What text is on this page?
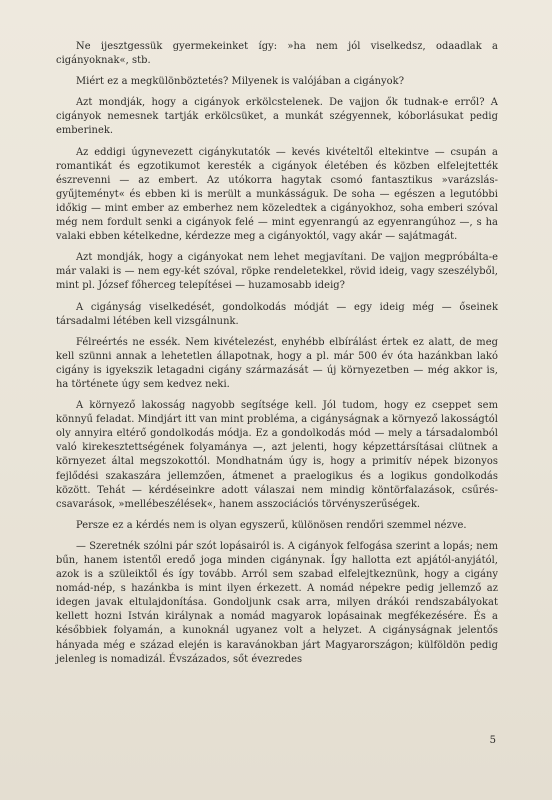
Ne ijesztgessük gyermekeinket így: »ha nem jól viselkedsz, odaadlak a cigányoknak«, stb.

Miért ez a megkülönböztetés? Milyenek is valójában a cigányok?

Azt mondják, hogy a cigányok erkölcstelenek. De vajjon ők tudnak-e erről? A cigányok nemesnek tartják erkölcsüket, a munkát szégyennek, kóborlásukat pedig emberinek.

Az eddigi úgynevezett cigánykutatók — kevés kivételtől eltekintve — csupán a romantikát és egzotikumot keresték a cigányok életében és közben elfelejtették észrevenni — az embert. Az utókorra hagytak csomó fantasztikus »varázslás-gyűjteményt« és ebben ki is merült a munkásságuk. De soha — egészen a legutóbbi időkig — mint ember az emberhez nem közeledtek a cigányokhoz, soha emberi szóval még nem fordult senki a cigányok felé — mint egyenrangú az egyenrangúhoz —, s ha valaki ebben kételkedne, kérdezze meg a cigányoktól, vagy akár — sajátmagát.

Azt mondják, hogy a cigányokat nem lehet megjavítani. De vajjon megpróbálta-e már valaki is — nem egy-két szóval, röpke rendeletekkel, rövid ideig, vagy szeszélyből, mint pl. József főherceg telepítései — huzamosabb ideig?

A cigányság viselkedését, gondolkodás módját — egy ideig még — őseinek társadalmi létében kell vizsgálnunk.

Félreértés ne essék. Nem kivételezést, enyhébb elbírálást értek ez alatt, de meg kell szünni annak a lehetetlen állapotnak, hogy a pl. már 500 év óta hazánkban lakó cigány is igyekszik letagadni cigány származását — új környezetben — még akkor is, ha története úgy sem kedvez neki.

A környező lakosság nagyobb segítsége kell. Jól tudom, hogy ez cseppet sem könnyű feladat. Mindjárt itt van mint probléma, a cigányságnak a környező lakosságtól oly annyira eltérő gondolkodás módja. Ez a gondolkodás mód — mely a társadalomból való kirekesztettségének folyamánya —, azt jelenti, hogy képzettársításai clütnek a környezet által megszokottól. Mondhatnám úgy is, hogy a primitív népek bizonyos fejlődési szakaszára jellemzően, átmenet a praelogikus és a logikus gondolkodás között. Tehát — kérdéseinkre adott válaszai nem mindig köntörfalazások, csűrés-csavarások, »mellébeszélések«, hanem asszociációs törvényszerűségek.

Persze ez a kérdés nem is olyan egyszerű, különösen rendőri szemmel nézve.

— Szeretnék szólni pár szót lopásairól is. A cigányok felfogása szerint a lopás; nem bűn, hanem istentől eredő joga minden cigánynak. Így hallotta ezt apjától-anyjától, azok is a szüleiktől és így tovább. Arról sem szabad elfelejtkeznünk, hogy a cigány nomád-nép, s hazánkba is mint ilyen érkezett. A nomád népekre pedig jellemző az idegen javak eltulajdonítása. Gondoljunk csak arra, milyen drákói rendszabályokat kellett hozni István királynak a nomád magyarok lopásainak megfékezésére. És a későbbiek folyamán, a kunoknál ugyanez volt a helyzet. A cigányságnak jelentős hányada még e század elején is karavánokban járt Magyarországon; külföldön pedig jelenleg is nomadizál. Évszázados, sőt évezredes

5
